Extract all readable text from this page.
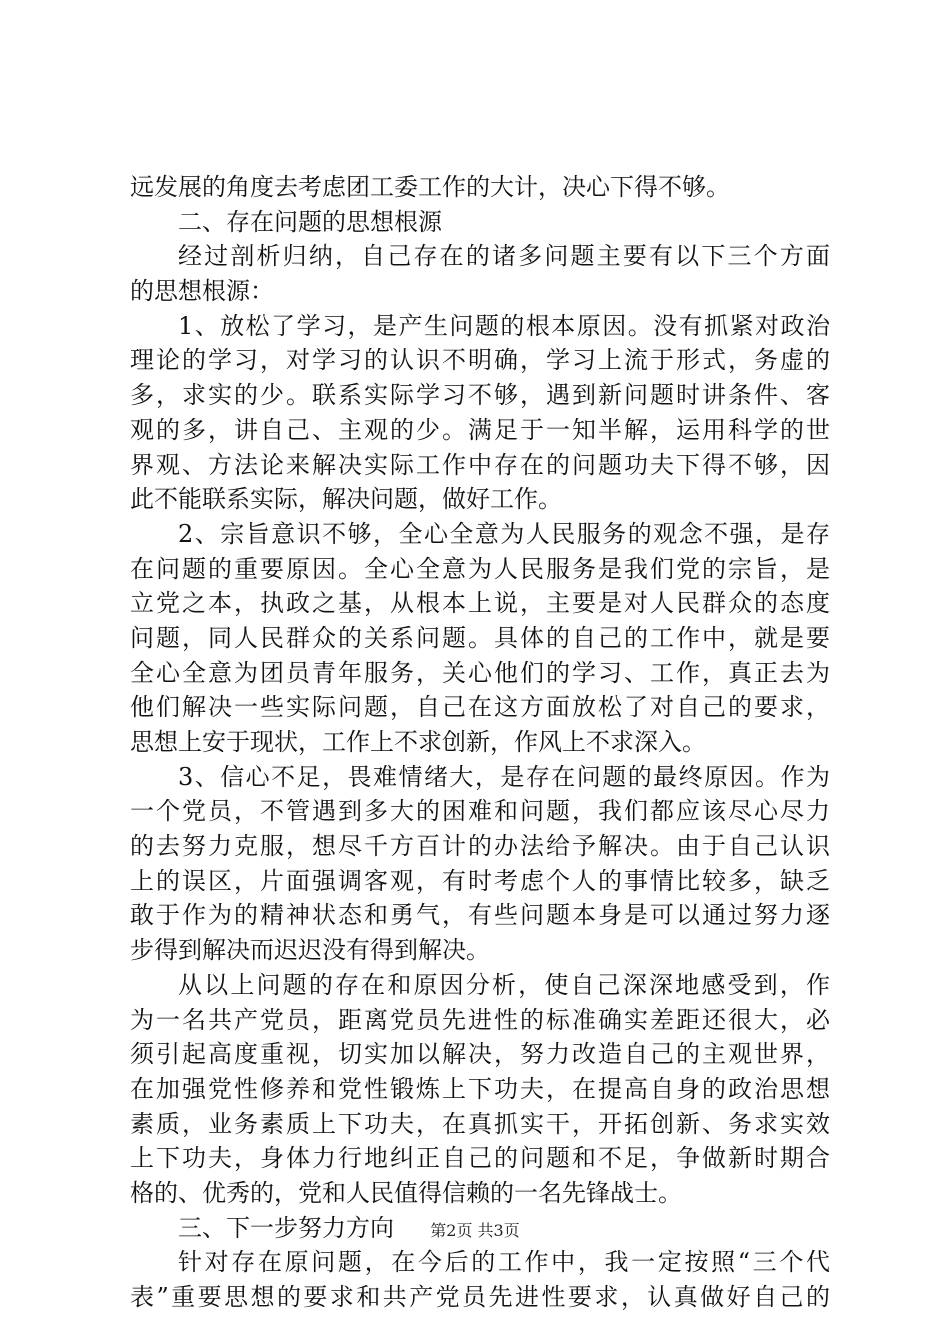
远发展的角度去考虑团工委工作的大计，决心下得不够。
二、存在问题的思想根源
经过剖析归纳，自己存在的诸多问题主要有以下三个方面
的思想根源：
1、放松了学习，是产生问题的根本原因。没有抓紧对政治
理论的学习，对学习的认识不明确，学习上流于形式，务虚的
多，求实的少。联系实际学习不够，遇到新问题时讲条件、客
观的多，讲自己、主观的少。满足于一知半解，运用科学的世
界观、方法论来解决实际工作中存在的问题功夫下得不够，因
此不能联系实际，解决问题，做好工作。
2、宗旨意识不够，全心全意为人民服务的观念不强，是存
在问题的重要原因。全心全意为人民服务是我们党的宗旨，是
立党之本，执政之基，从根本上说，主要是对人民群众的态度
问题，同人民群众的关系问题。具体的自己的工作中，就是要
全心全意为团员青年服务，关心他们的学习、工作，真正去为
他们解决一些实际问题，自己在这方面放松了对自己的要求，
思想上安于现状，工作上不求创新，作风上不求深入。
3、信心不足，畏难情绪大，是存在问题的最终原因。作为
一个党员，不管遇到多大的困难和问题，我们都应该尽心尽力
的去努力克服，想尽千方百计的办法给予解决。由于自己认识
上的误区，片面强调客观，有时考虑个人的事情比较多，缺乏
敢于作为的精神状态和勇气，有些问题本身是可以通过努力逐
步得到解决而迟迟没有得到解决。
从以上问题的存在和原因分析，使自己深深地感受到，作
为一名共产党员，距离党员先进性的标准确实差距还很大，必
须引起高度重视，切实加以解决，努力改造自己的主观世界，
在加强党性修养和党性锻炼上下功夫，在提高自身的政治思想
素质，业务素质上下功夫，在真抓实干，开拓创新、务求实效
上下功夫，身体力行地纠正自己的问题和不足，争做新时期合
格的、优秀的，党和人民值得信赖的一名先锋战士。
三、下一步努力方向
针对存在原问题，在今后的工作中，我一定按照“三个代
表”重要思想的要求和共产党员先进性要求，认真做好自己的
第2页 共3页
